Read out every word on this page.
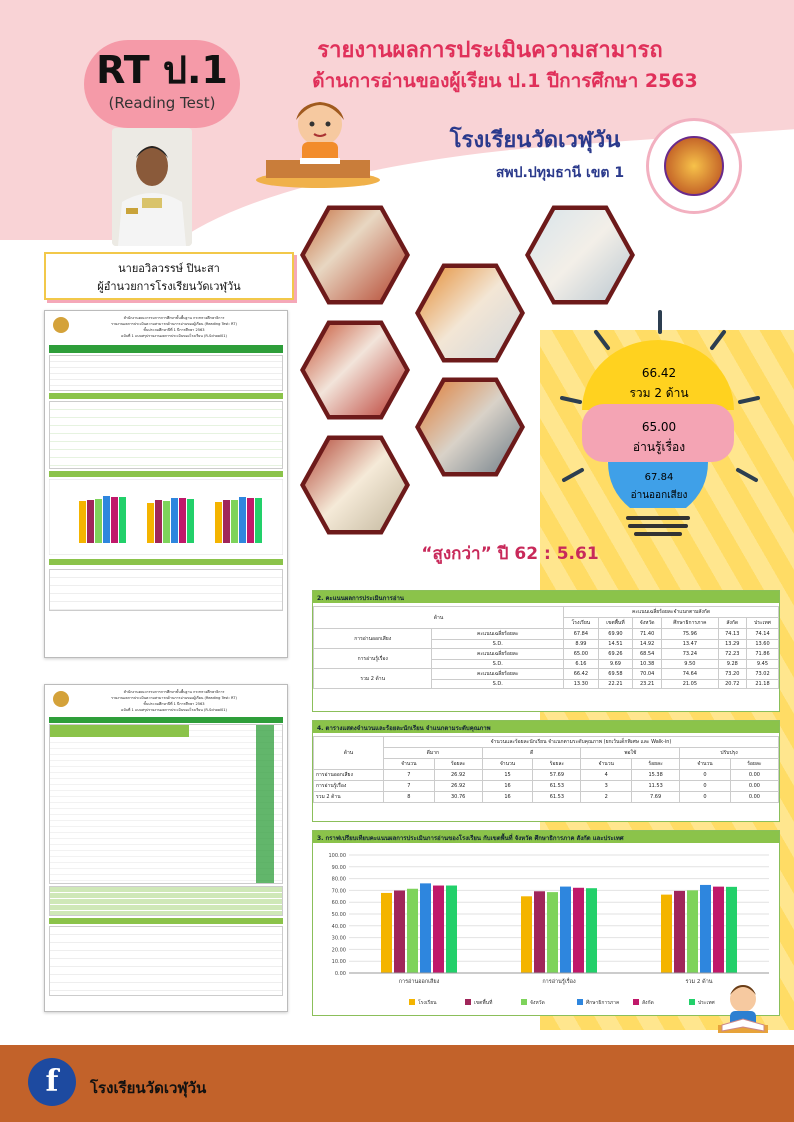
RT ป.1
(Reading Test)
รายงานผลการประเมินความสามารถ
ด้านการอ่านของผู้เรียน ป.1 ปีการศึกษา 2563
โรงเรียนวัดเวฬุวัน
สพป.ปทุมธานี เขต 1
นายอวิลวรรษ์ ปินะสา
ผู้อำนวยการโรงเรียนวัดเวฬุวัน
สำนักงานคณะกรรมการการศึกษาขั้นพื้นฐาน กระทรวงศึกษาธิการ
รายงานผลการประเมินความสามารถด้านการอ่านของผู้เรียน (Reading Test: RT)
ชั้นประถมศึกษาปีที่ 1 ปีการศึกษา 2563
ฉบับที่ 1 แบบสรุปรายงานผลการประเมินของโรงเรียน (R-School01)
สำนักงานคณะกรรมการการศึกษาขั้นพื้นฐาน กระทรวงศึกษาธิการ
รายงานผลการประเมินความสามารถด้านการอ่านของผู้เรียน (Reading Test: RT)
ชั้นประถมศึกษาปีที่ 1 ปีการศึกษา 2563
ฉบับที่ 1 แบบสรุปรายงานผลการประเมินของโรงเรียน (R-School01)
66.42
รวม 2 ด้าน
65.00
อ่านรู้เรื่อง
67.84
อ่านออกเสียง
“สูงกว่า” ปี 62 : 5.61
2. คะแนนผลการประเมินการอ่าน
ด้าน		คะแนนเฉลี่ยร้อยละจำแนกตามสังกัด					
		โรงเรียน	เขตพื้นที่	จังหวัด	ศึกษาธิการภาค	สังกัด	ประเทศ
การอ่านออกเสียง	คะแนนเฉลี่ยร้อยละ	67.84	69.90	71.40	75.96	74.13	74.14
	S.D.	8.99	14.51	14.92	13.47	13.29	13.60
การอ่านรู้เรื่อง	คะแนนเฉลี่ยร้อยละ	65.00	69.26	68.54	73.24	72.23	71.86
	S.D.	6.16	9.69	10.38	9.50	9.28	9.45
รวม 2 ด้าน	คะแนนเฉลี่ยร้อยละ	66.42	69.58	70.04	74.64	73.20	73.02
	S.D.	13.30	22.21	23.21	21.05	20.72	21.18
4. ตารางแสดงจำนวนและร้อยละนักเรียน จำแนกตามระดับคุณภาพ
ด้าน	จำนวนและร้อยละนักเรียน จำแนกตามระดับคุณภาพ (ยกเว้นเด็กพิเศษ และ Walk-in)							
	ดีมาก		ดี		พอใช้		ปรับปรุง	
	จำนวน	ร้อยละ	จำนวน	ร้อยละ	จำนวน	ร้อยละ	จำนวน	ร้อยละ
การอ่านออกเสียง	7	26.92	15	57.69	4	15.38	0	0.00
การอ่านรู้เรื่อง	7	26.92	16	61.53	3	11.53	0	0.00
รวม 2 ด้าน	8	30.76	16	61.53	2	7.69	0	0.00
3. กราฟเปรียบเทียบคะแนนผลการประเมินการอ่านของโรงเรียน กับเขตพื้นที่ จังหวัด ศึกษาธิการภาค สังกัด และประเทศ
0.00
10.00
20.00
30.00
40.00
50.00
60.00
70.00
80.00
90.00
100.00
การอ่านออกเสียง	การอ่านรู้เรื่อง	รวม 2 ด้าน
โรงเรียน	เขตพื้นที่	จังหวัด	ศึกษาธิการภาค	สังกัด	ประเทศ
f	โรงเรียนวัดเวฬุวัน
